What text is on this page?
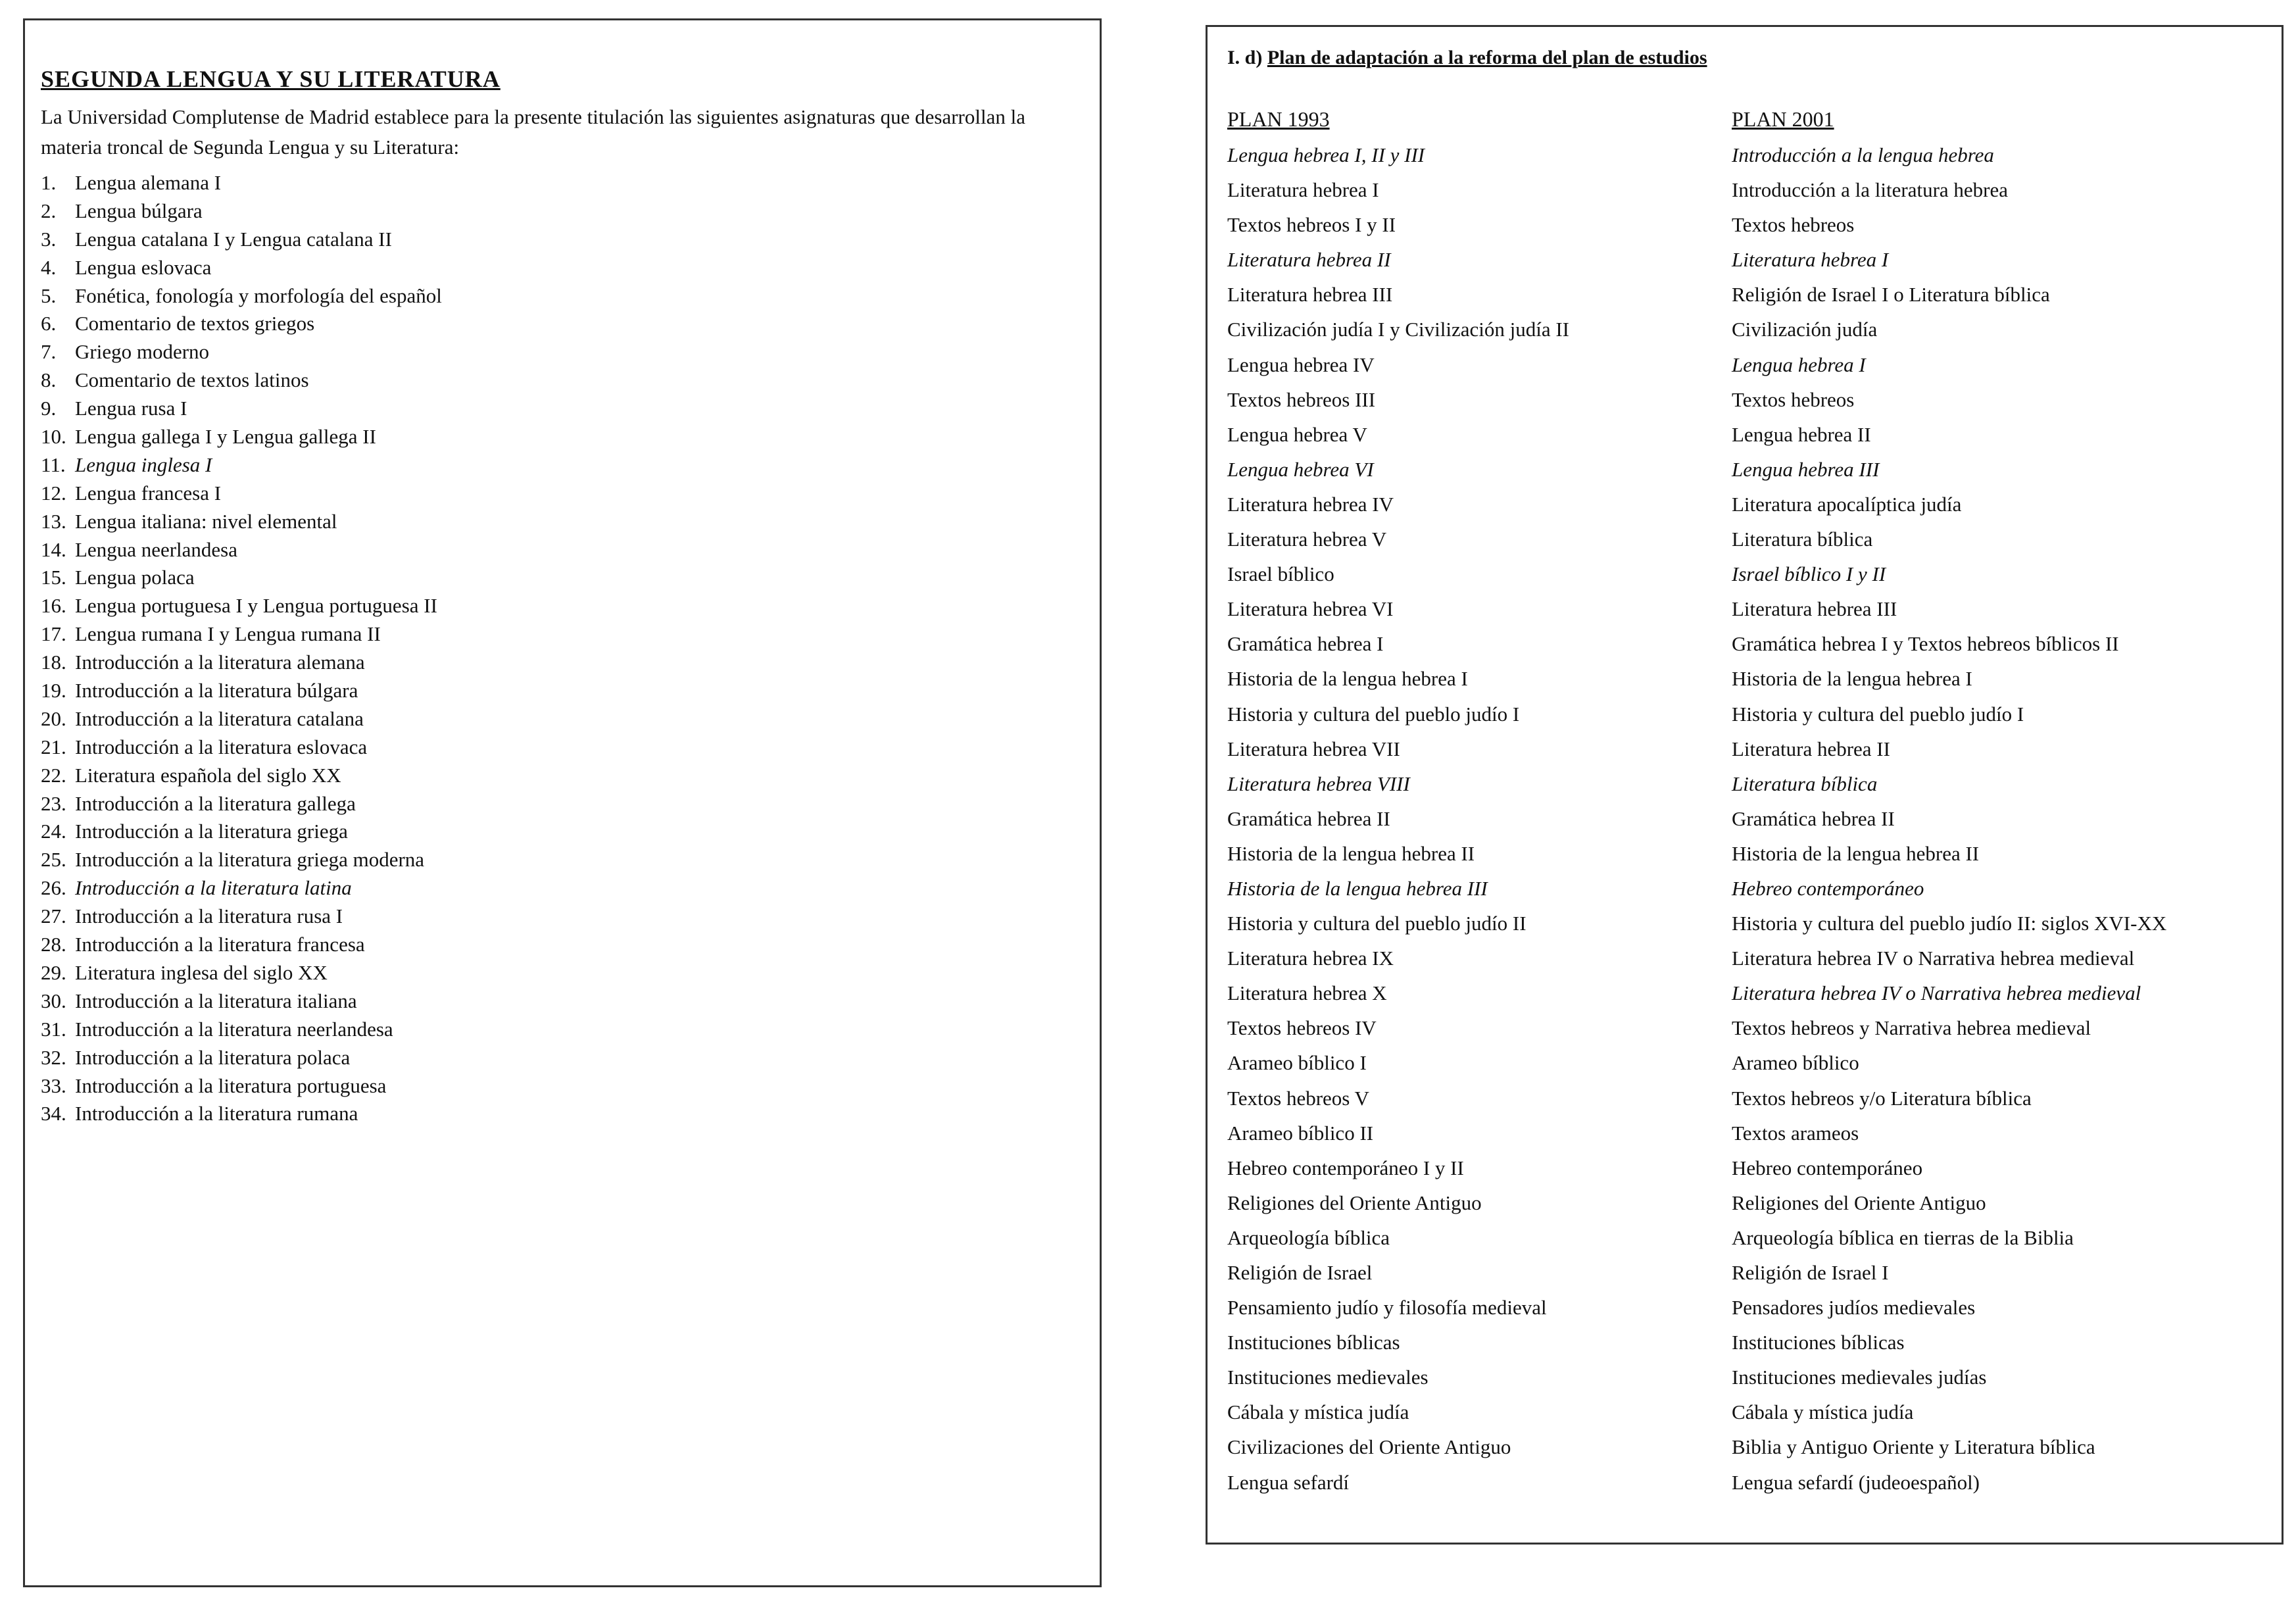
SEGUNDA LENGUA Y SU LITERATURA
La Universidad Complutense de Madrid establece para la presente titulación las siguientes asignaturas que desarrollan la materia troncal de Segunda Lengua y su Literatura:
1. Lengua alemana I
2. Lengua búlgara
3. Lengua catalana I y Lengua catalana II
4. Lengua eslovaca
5. Fonética, fonología y morfología del español
6. Comentario de textos griegos
7. Griego moderno
8. Comentario de textos latinos
9. Lengua rusa I
10. Lengua gallega I y Lengua gallega II
11. Lengua inglesa I
12. Lengua francesa I
13. Lengua italiana: nivel elemental
14. Lengua neerlandesa
15. Lengua polaca
16. Lengua portuguesa I y Lengua portuguesa II
17. Lengua rumana I y Lengua rumana II
18. Introducción a la literatura alemana
19. Introducción a la literatura búlgara
20. Introducción a la literatura catalana
21. Introducción a la literatura eslovaca
22. Literatura española del siglo XX
23. Introducción a la literatura gallega
24. Introducción a la literatura griega
25. Introducción a la literatura griega moderna
26. Introducción a la literatura latina
27. Introducción a la literatura rusa I
28. Introducción a la literatura francesa
29. Literatura inglesa del siglo XX
30. Introducción a la literatura italiana
31. Introducción a la literatura neerlandesa
32. Introducción a la literatura polaca
33. Introducción a la literatura portuguesa
34. Introducción a la literatura rumana
I. d) Plan de adaptación a la reforma del plan de estudios
PLAN 1993	PLAN 2001
Lengua hebrea I, II y III	Introducción a la lengua hebrea
Literatura hebrea I	Introducción a la literatura hebrea
Textos hebreos I y II	Textos hebreos
Literatura hebrea II	Literatura hebrea I
Literatura hebrea III	Religión de Israel I o Literatura bíblica
Civilización judía I y Civilización judía II	Civilización judía
Lengua hebrea IV	Lengua hebrea I
Textos hebreos III	Textos hebreos
Lengua hebrea V	Lengua hebrea II
Lengua hebrea VI	Lengua hebrea III
Literatura hebrea IV	Literatura apocalíptica judía
Literatura hebrea V	Literatura bíblica
Israel bíblico	Israel bíblico I y II
Literatura hebrea VI	Literatura hebrea III
Gramática hebrea I	Gramática hebrea I y Textos hebreos bíblicos II
Historia de la lengua hebrea I	Historia de la lengua hebrea I
Historia y cultura del pueblo judío I	Historia y cultura del pueblo judío I
Literatura hebrea VII	Literatura hebrea II
Literatura hebrea VIII	Literatura bíblica
Gramática hebrea II	Gramática hebrea II
Historia de la lengua hebrea II	Historia de la lengua hebrea II
Historia de la lengua hebrea III	Hebreo contemporáneo
Historia y cultura del pueblo judío II	Historia y cultura del pueblo judío II: siglos XVI-XX
Literatura hebrea IX	Literatura hebrea IV o Narrativa hebrea medieval
Literatura hebrea X	Literatura hebrea IV o Narrativa hebrea medieval
Textos hebreos IV	Textos hebreos y Narrativa hebrea medieval
Arameo bíblico I	Arameo bíblico
Textos hebreos V	Textos hebreos y/o Literatura bíblica
Arameo bíblico II	Textos arameos
Hebreo contemporáneo I y II	Hebreo contemporáneo
Religiones del Oriente Antiguo	Religiones del Oriente Antiguo
Arqueología bíblica	Arqueología bíblica en tierras de la Biblia
Religión de Israel	Religión de Israel I
Pensamiento judío y filosofía medieval	Pensadores judíos medievales
Instituciones bíblicas	Instituciones bíblicas
Instituciones medievales	Instituciones medievales judías
Cábala y mística judía	Cábala y mística judía
Civilizaciones del Oriente Antiguo	Biblia y Antiguo Oriente y Literatura bíblica
Lengua sefardí	Lengua sefardí (judeoespañol)
